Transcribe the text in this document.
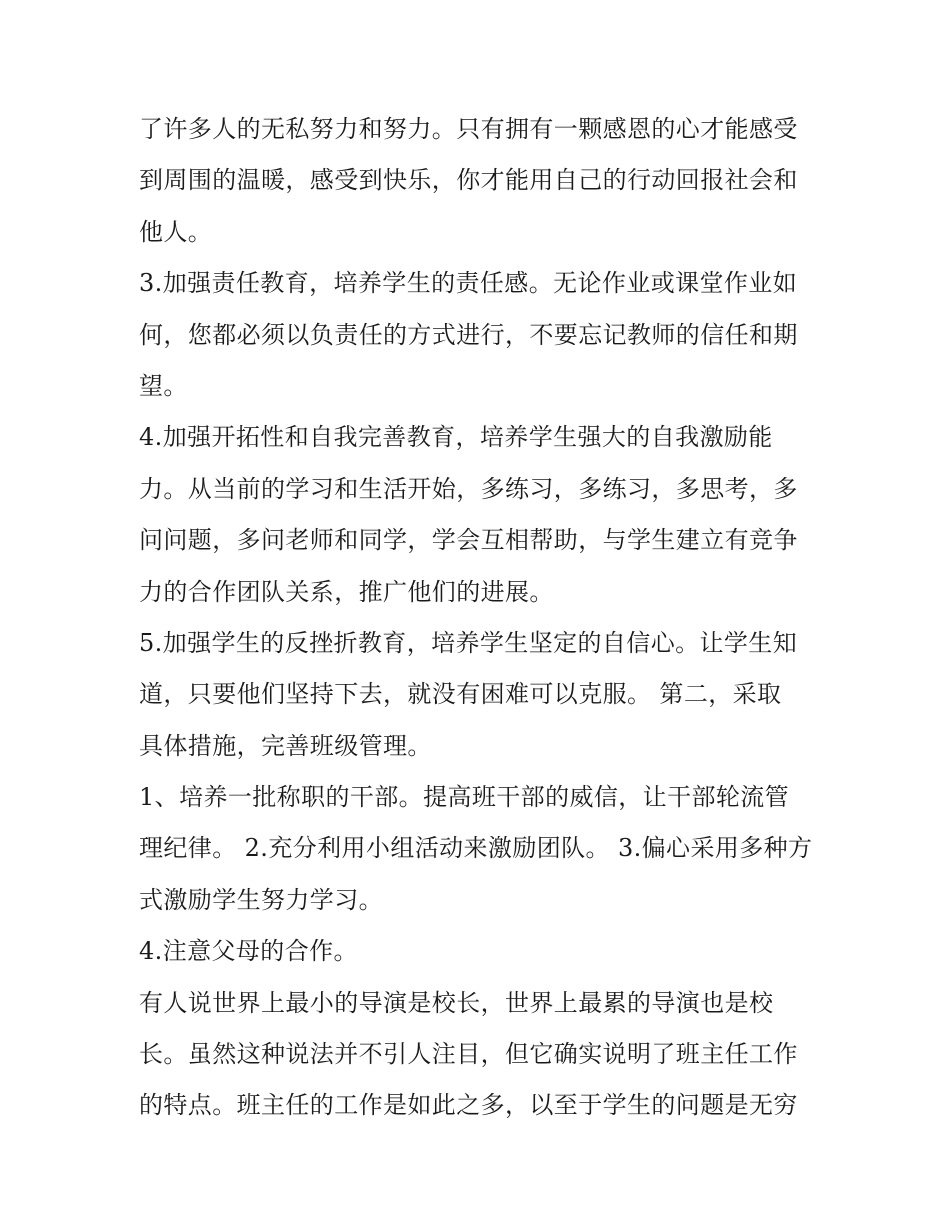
了许多人的无私努力和努力。只有拥有一颗感恩的心才能感受
到周围的温暖，感受到快乐，你才能用自己的行动回报社会和
他人。
3.加强责任教育，培养学生的责任感。无论作业或课堂作业如
何，您都必须以负责任的方式进行，不要忘记教师的信任和期
望。
4.加强开拓性和自我完善教育，培养学生强大的自我激励能
力。从当前的学习和生活开始，多练习，多练习，多思考，多
问问题，多问老师和同学，学会互相帮助，与学生建立有竞争
力的合作团队关系，推广他们的进展。
5.加强学生的反挫折教育，培养学生坚定的自信心。让学生知
道，只要他们坚持下去，就没有困难可以克服。 第二，采取
具体措施，完善班级管理。
1、培养一批称职的干部。提高班干部的威信，让干部轮流管
理纪律。 2.充分利用小组活动来激励团队。 3.偏心采用多种方
式激励学生努力学习。
4.注意父母的合作。
有人说世界上最小的导演是校长，世界上最累的导演也是校
长。虽然这种说法并不引人注目，但它确实说明了班主任工作
的特点。班主任的工作是如此之多，以至于学生的问题是无穷
